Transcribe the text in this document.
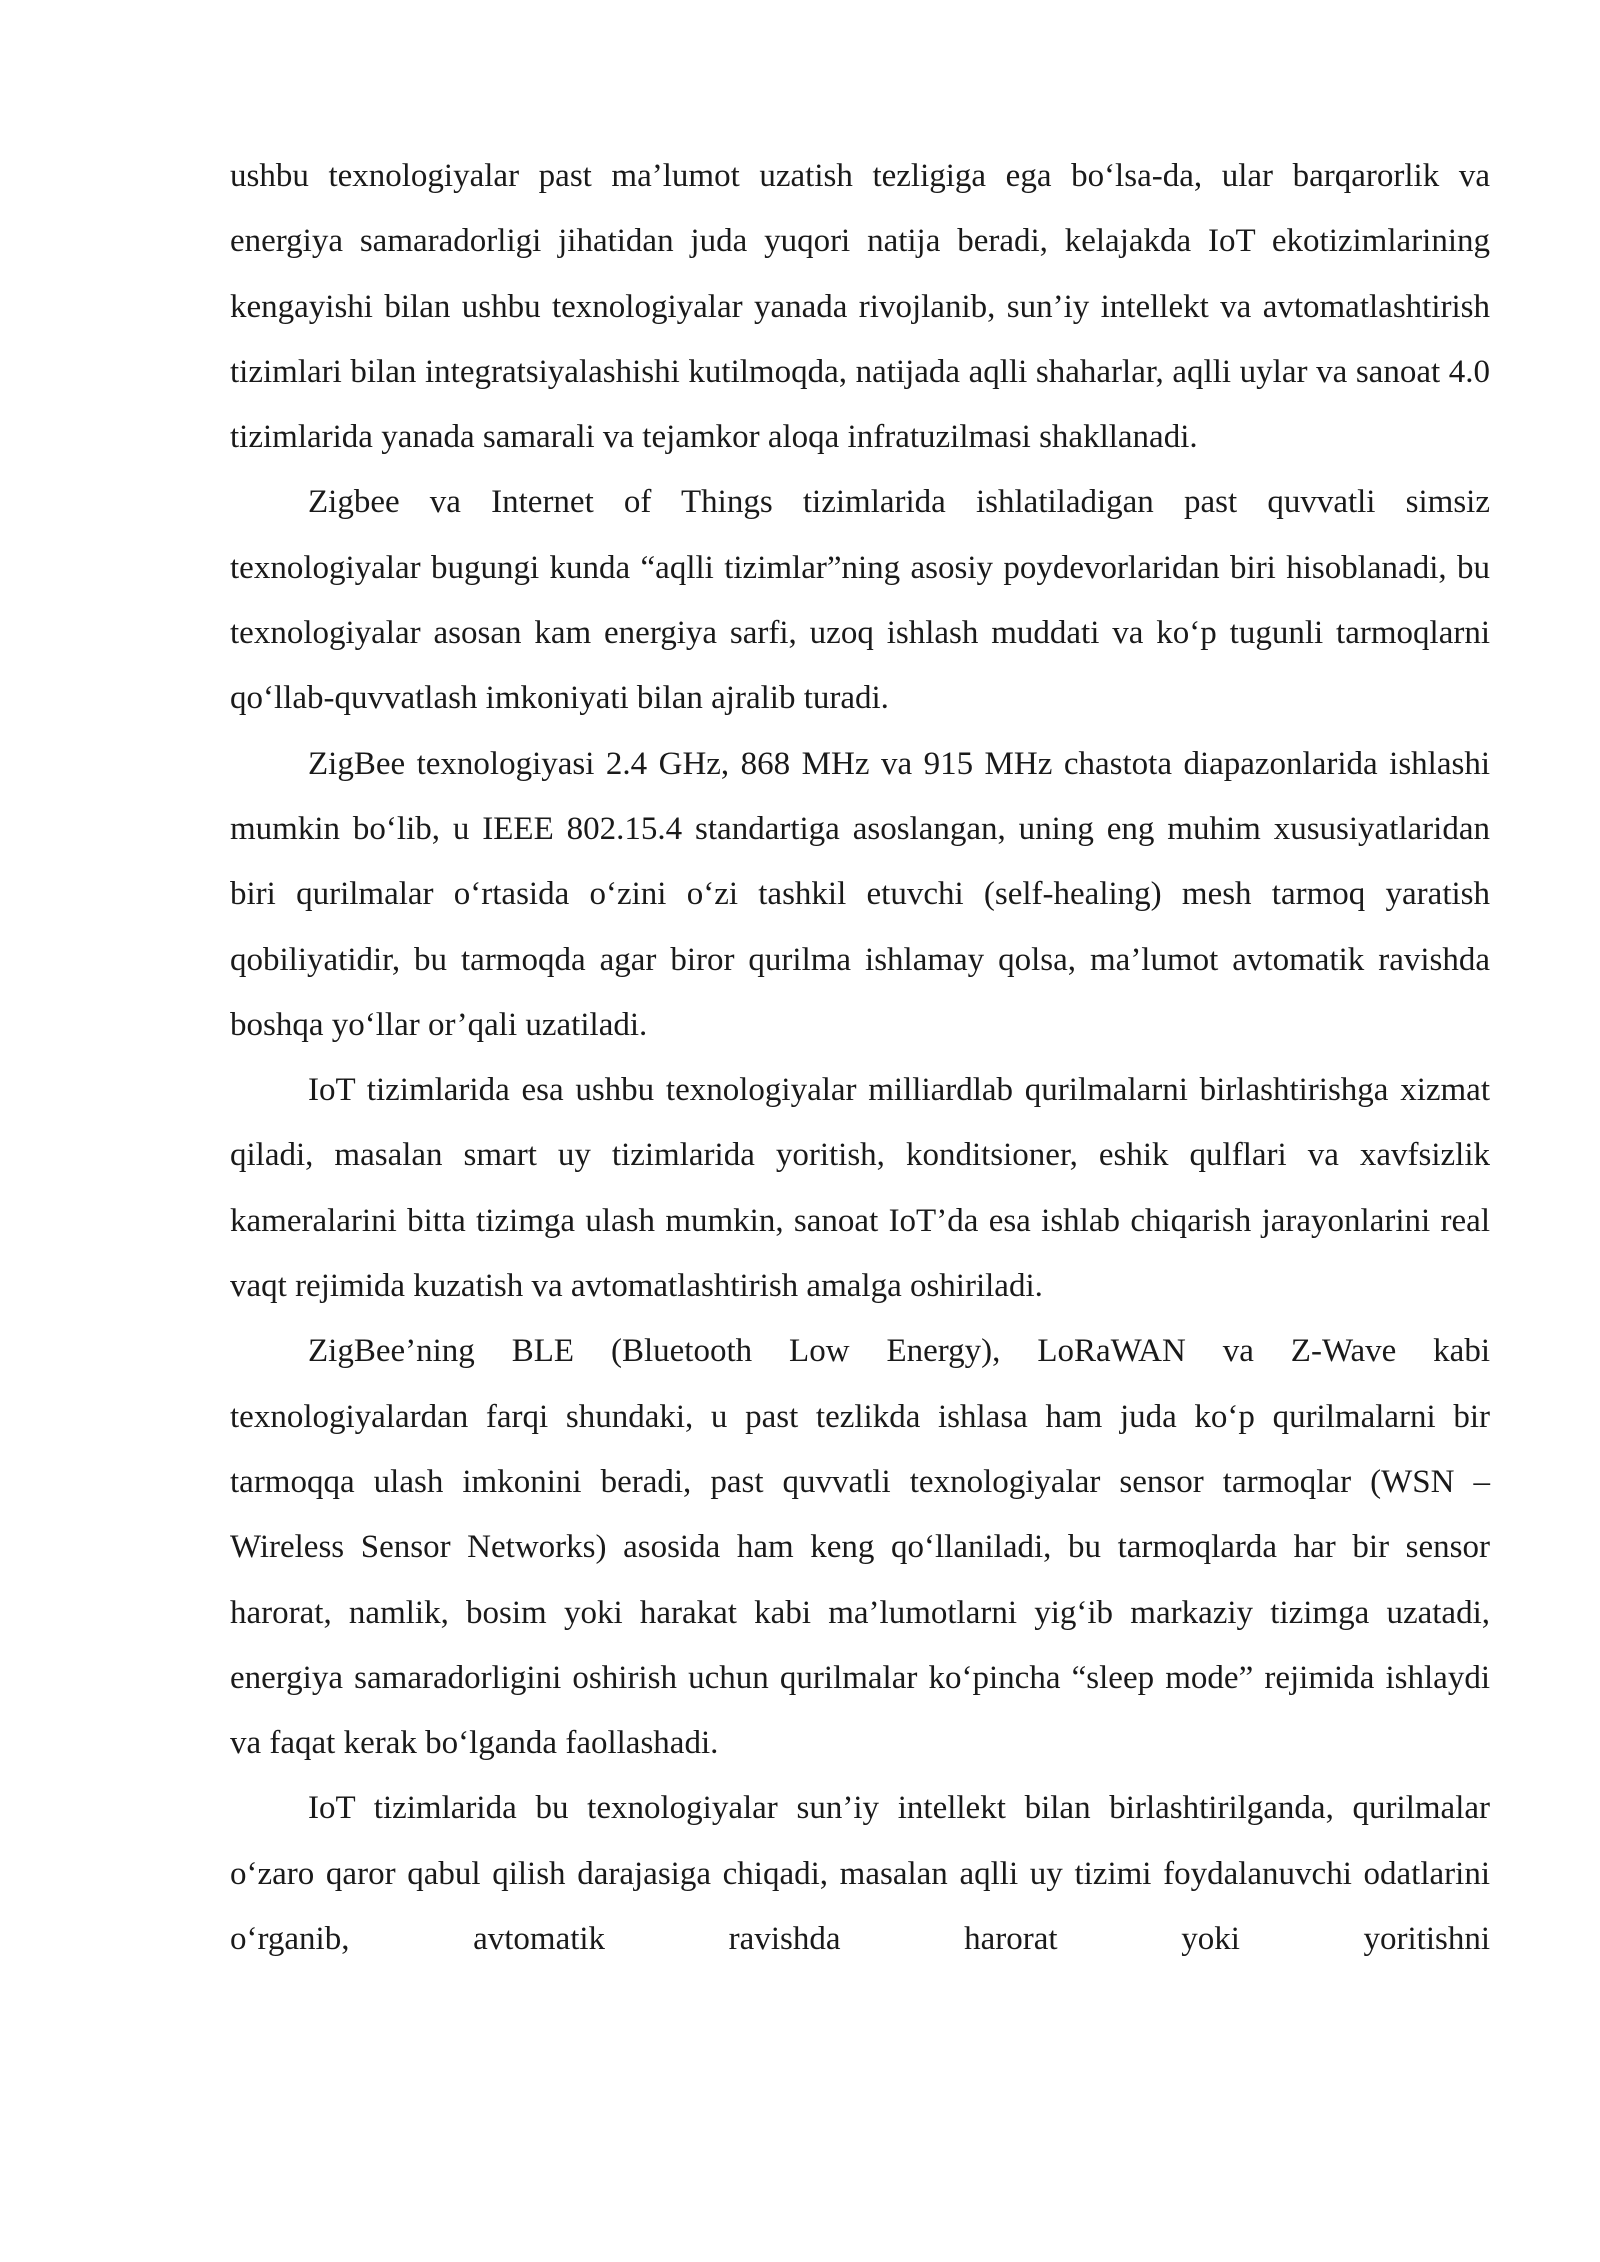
ushbu texnologiyalar past ma’lumot uzatish tezligiga ega bo‘lsa-da, ular barqarorlik va energiya samaradorligi jihatidan juda yuqori natija beradi, kelajakda IoT ekotizimlarining kengayishi bilan ushbu texnologiyalar yanada rivojlanib, sun’iy intellekt va avtomatlashtirish tizimlari bilan integratsiyalashishi kutilmoqda, natijada aqlli shaharlar, aqlli uylar va sanoat 4.0 tizimlarida yanada samarali va tejamkor aloqa infratuzilmasi shakllanadi.

Zigbee va Internet of Things tizimlarida ishlatiladigan past quvvatli simsiz texnologiyalar bugungi kunda “aqlli tizimlar”ning asosiy poydevorlaridan biri hisoblanadi, bu texnologiyalar asosan kam energiya sarfi, uzoq ishlash muddati va ko‘p tugunli tarmoqlarni qo‘llab-quvvatlash imkoniyati bilan ajralib turadi.

ZigBee texnologiyasi 2.4 GHz, 868 MHz va 915 MHz chastota diapazonlarida ishlashi mumkin bo‘lib, u IEEE 802.15.4 standartiga asoslangan, uning eng muhim xususiyatlaridan biri qurilmalar o‘rtasida o‘zini o‘zi tashkil etuvchi (self-healing) mesh tarmoq yaratish qobiliyatidir, bu tarmoqda agar biror qurilma ishlamay qolsa, ma’lumot avtomatik ravishda boshqa yo‘llar or’qali uzatiladi.

IoT tizimlarida esa ushbu texnologiyalar milliardlab qurilmalarni birlashtirishga xizmat qiladi, masalan smart uy tizimlarida yoritish, konditsioner, eshik qulflari va xavfsizlik kameralarini bitta tizimga ulash mumkin, sanoat IoT’da esa ishlab chiqarish jarayonlarini real vaqt rejimida kuzatish va avtomatlashtirish amalga oshiriladi.

ZigBee’ning BLE (Bluetooth Low Energy), LoRaWAN va Z-Wave kabi texnologiyalardan farqi shundaki, u past tezlikda ishlasa ham juda ko‘p qurilmalarni bir tarmoqqa ulash imkonini beradi, past quvvatli texnologiyalar sensor tarmoqlar (WSN – Wireless Sensor Networks) asosida ham keng qo‘llaniladi, bu tarmoqlarda har bir sensor harorat, namlik, bosim yoki harakat kabi ma’lumotlarni yig‘ib markaziy tizimga uzatadi, energiya samaradorligini oshirish uchun qurilmalar ko‘pincha “sleep mode” rejimida ishlaydi va faqat kerak bo‘lganda faollashadi.

IoT tizimlarida bu texnologiyalar sun’iy intellekt bilan birlashtirilganda, qurilmalar o‘zaro qaror qabul qilish darajasiga chiqadi, masalan aqlli uy tizimi foydalanuvchi odatlarini o‘rganib, avtomatik ravishda harorat yoki yoritishni
